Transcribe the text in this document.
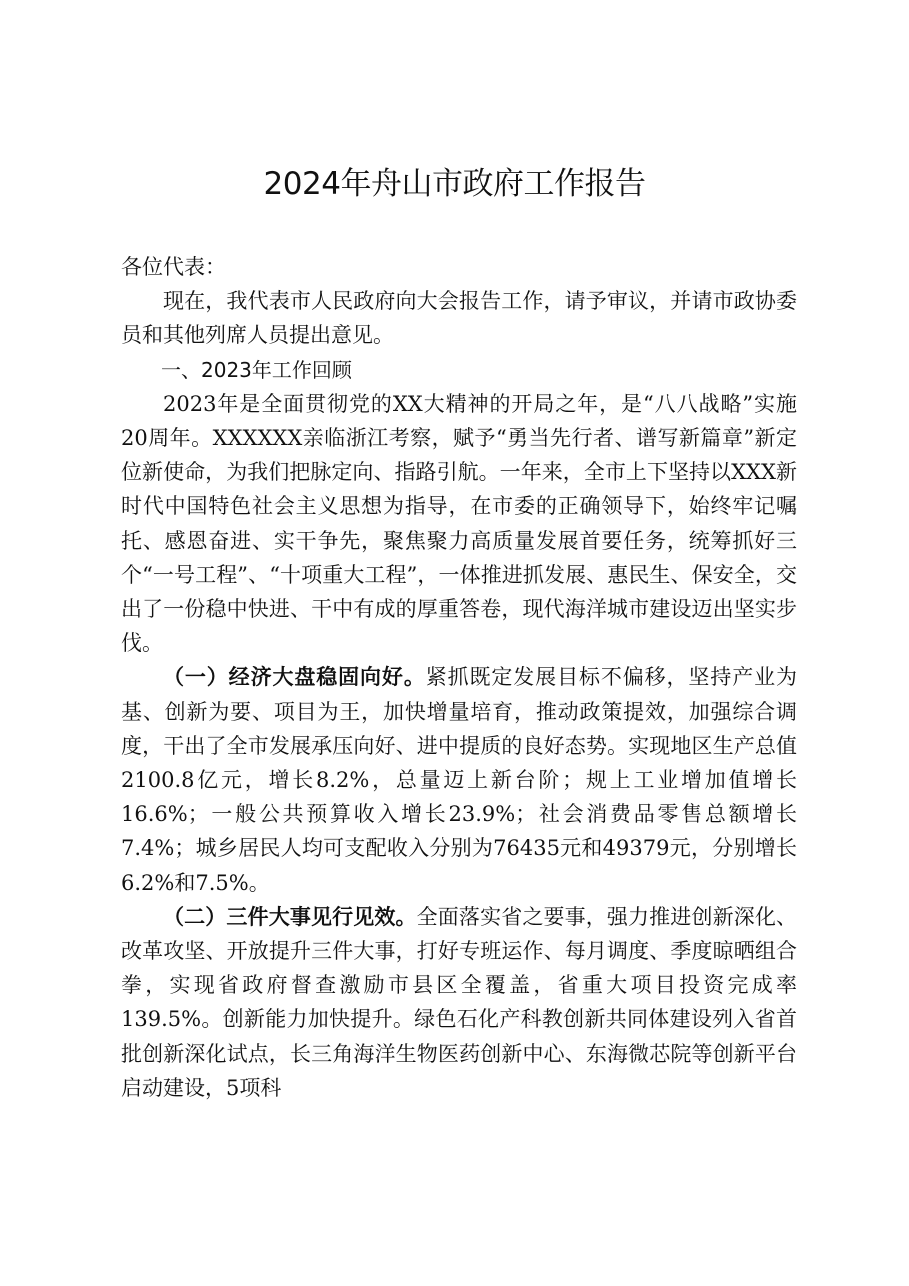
2024年舟山市政府工作报告

各位代表：

现在，我代表市人民政府向大会报告工作，请予审议，并请市政协委员和其他列席人员提出意见。

一、2023年工作回顾

2023年是全面贯彻党的XX大精神的开局之年，是“八八战略”实施20周年。XXXXXX亲临浙江考察，赋予“勇当先行者、谱写新篇章”新定位新使命，为我们把脉定向、指路引航。一年来，全市上下坚持以XXX新时代中国特色社会主义思想为指导，在市委的正确领导下，始终牢记嘱托、感恩奋进、实干争先，聚焦聚力高质量发展首要任务，统筹抓好三个“一号工程”、“十项重大工程”，一体推进抓发展、惠民生、保安全，交出了一份稳中快进、干中有成的厚重答卷，现代海洋城市建设迈出坚实步伐。

（一）经济大盘稳固向好。紧抓既定发展目标不偏移，坚持产业为基、创新为要、项目为王，加快增量培育，推动政策提效，加强综合调度，干出了全市发展承压向好、进中提质的良好态势。实现地区生产总值2100.8亿元，增长8.2%，总量迈上新台阶；规上工业增加值增长16.6%；一般公共预算收入增长23.9%；社会消费品零售总额增长7.4%；城乡居民人均可支配收入分别为76435元和49379元，分别增长6.2%和7.5%。

（二）三件大事见行见效。全面落实省之要事，强力推进创新深化、改革攻坚、开放提升三件大事，打好专班运作、每月调度、季度晾晒组合拳，实现省政府督查激励市县区全覆盖，省重大项目投资完成率139.5%。创新能力加快提升。绿色石化产科教创新共同体建设列入省首批创新深化试点，长三角海洋生物医药创新中心、东海微芯院等创新平台启动建设，5项科
